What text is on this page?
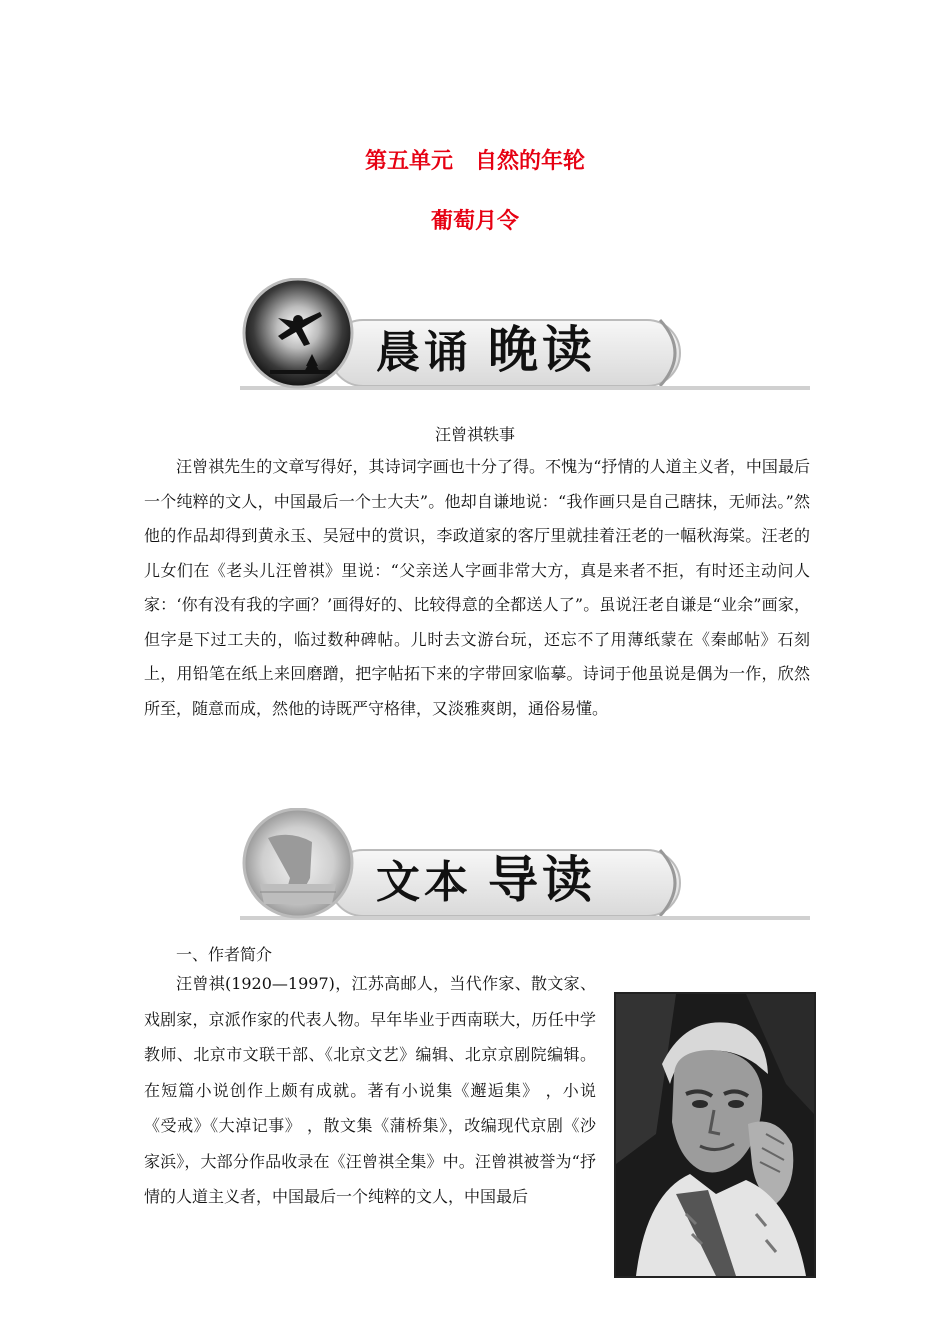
第五单元　自然的年轮
葡萄月令
晨诵 晚读
汪曾祺轶事

汪曾祺先生的文章写得好，其诗词字画也十分了得。不愧为“抒情的人道主义者，中国最后一个纯粹的文人，中国最后一个士大夫”。他却自谦地说：“我作画只是自己瞎抹，无师法。”然他的作品却得到黄永玉、吴冠中的赏识，李政道家的客厅里就挂着汪老的一幅秋海棠。汪老的儿女们在《老头儿汪曾祺》里说：“父亲送人字画非常大方，真是来者不拒，有时还主动问人家：‘你有没有我的字画？’画得好的、比较得意的全都送人了”。虽说汪老自谦是“业余”画家，但字是下过工夫的，临过数种碑帖。儿时去文游台玩，还忘不了用薄纸蒙在《秦邮帖》石刻上，用铅笔在纸上来回磨蹭，把字帖拓下来的字带回家临摹。诗词于他虽说是偶为一作，欣然所至，随意而成，然他的诗既严守格律，又淡雅爽朗，通俗易懂。

文本 导读
一、作者简介

汪曾祺(1920—1997)，江苏高邮人，当代作家、散文家、戏剧家，京派作家的代表人物。早年毕业于西南联大，历任中学教师、北京市文联干部、《北京文艺》编辑、北京京剧院编辑。在短篇小说创作上颇有成就。著有小说集《邂逅集》 ，小说《受戒》《大淖记事》 ，散文集《蒲桥集》，改编现代京剧《沙家浜》，大部分作品收录在《汪曾祺全集》中。汪曾祺被誉为“抒情的人道主义者，中国最后一个纯粹的文人，中国最后
